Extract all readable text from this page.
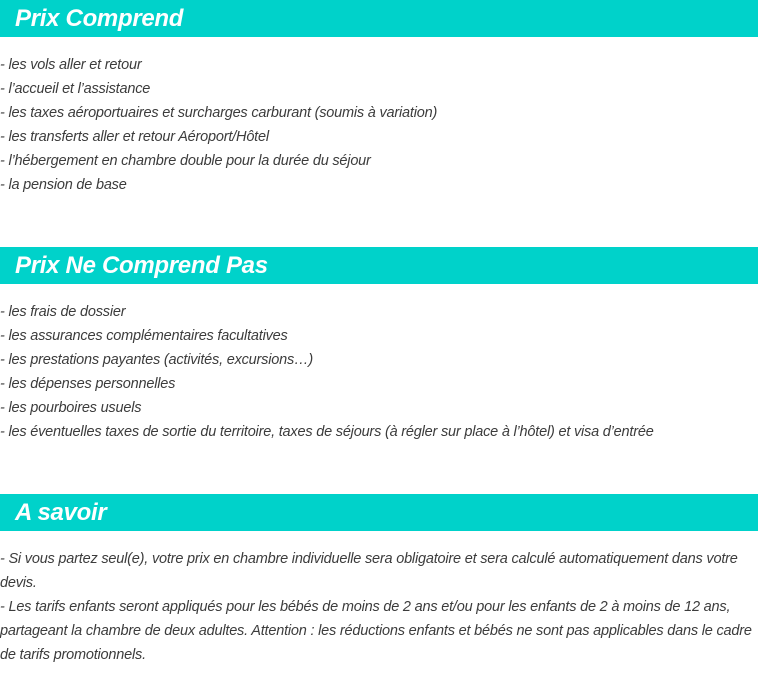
Prix Comprend
- les vols aller et retour
- l’accueil et l’assistance
- les taxes aéroportuaires et surcharges carburant (soumis à variation)
- les transferts aller et retour Aéroport/Hôtel
- l’hébergement en chambre double pour la durée du séjour
- la pension de base
Prix Ne Comprend Pas
- les frais de dossier
- les assurances complémentaires facultatives
- les prestations payantes (activités, excursions…)
- les dépenses personnelles
- les pourboires usuels
- les éventuelles taxes de sortie du territoire, taxes de séjours (à régler sur place à l’hôtel) et visa d’entrée
A savoir
- Si vous partez seul(e), votre prix en chambre individuelle sera obligatoire et sera calculé automatiquement dans votre devis.
- Les tarifs enfants seront appliqués pour les bébés de moins de 2 ans et/ou pour les enfants de 2 à moins de 12 ans, partageant la chambre de deux adultes. Attention : les réductions enfants et bébés ne sont pas applicables dans le cadre de tarifs promotionnels.
